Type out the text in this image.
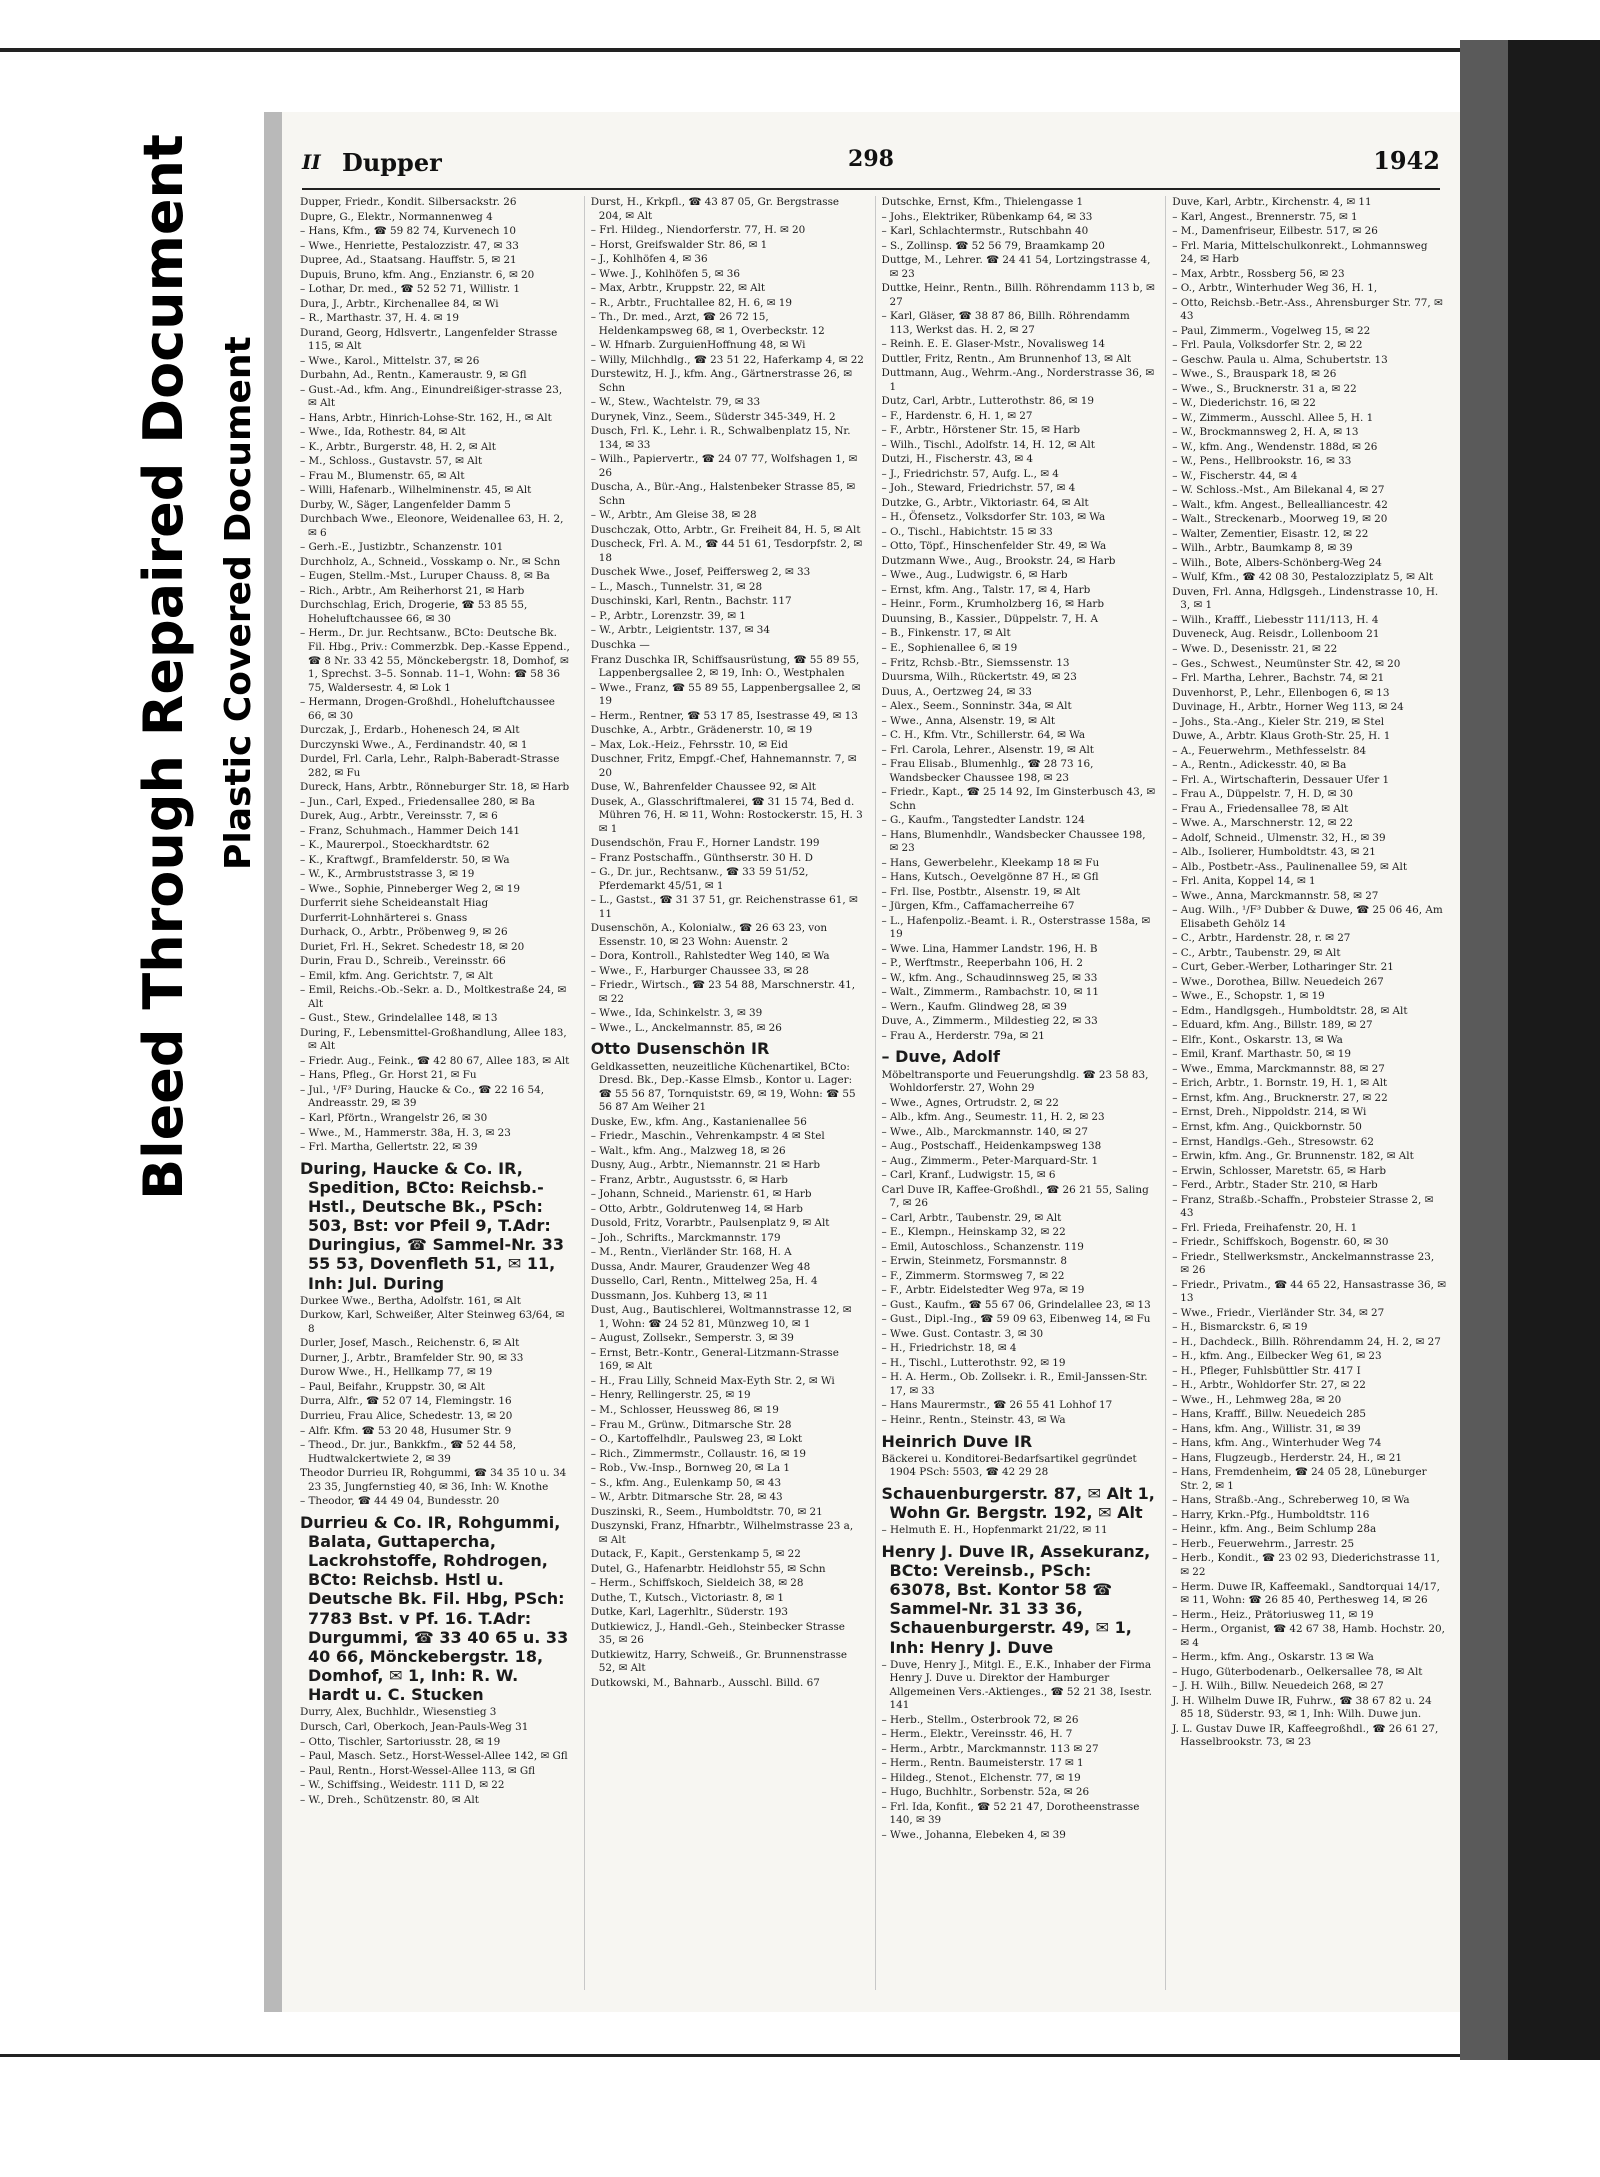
Bleed Through Repaired Document Plastic Covered Document
II Dupper	298	1942
Dupper, Friedr., Kondit. Silbersackstr. 26
Dupre, G., Elektr., Normannenweg 4
– Hans, Kfm., ☎ 59 82 74, Kurvenech 10
– Wwe., Henriette, Pestalozzistr. 47, ✉ 33
Dupree, Ad., Staatsang. Hauffstr. 5, ✉ 21
Dupuis, Bruno, kfm. Ang., Enzianstr. 6, ✉ 20
– Lothar, Dr. med., ☎ 52 52 71, Willistr. 1
Dura, J., Arbtr., Kirchenallee 84, ✉ Wi
– R., Marthastr. 37, H. 4. ✉ 19
Durand, Georg, Hdlsvertr., Langenfelder Strasse 115, ✉ Alt
– Wwe., Karol., Mittelstr. 37, ✉ 26
Durbahn, Ad., Rentn., Kameraustr. 9, ✉ Gfl
– Gust.-Ad., kfm. Ang., Einundreißiger-strasse 23, ✉ Alt
– Hans, Arbtr., Hinrich-Lohse-Str. 162, H., ✉ Alt
– Wwe., Ida, Rothestr. 84, ✉ Alt
– K., Arbtr., Burgerstr. 48, H. 2, ✉ Alt
– M., Schloss., Gustavstr. 57, ✉ Alt
– Frau M., Blumenstr. 65, ✉ Alt
– Willi, Hafenarb., Wilhelminenstr. 45, ✉ Alt
Durby, W., Säger, Langenfelder Damm 5
Durchbach Wwe., Eleonore, Weidenallee 63, H. 2, ✉ 6
– Gerh.-E., Justizbtr., Schanzenstr. 101
Durchholz, A., Schneid., Vosskamp o. Nr., ✉ Schn
– Eugen, Stellm.-Mst., Luruper Chauss. 8, ✉ Ba
– Rich., Arbtr., Am Reiherhorst 21, ✉ Harb
Durchschlag, Erich, Drogerie, ☎ 53 85 55, Hoheluftchaussee 66, ✉ 30
– Herm., Dr. jur. Rechtsanw., BCto: Deutsche Bk. Fil. Hbg., Priv.: Commerzbk. Dep.-Kasse Eppend., ☎ 8 Nr. 33 42 55, Mönckebergstr. 18, Domhof, ✉ 1, Sprechst. 3–5. Sonnab. 11–1, Wohn: ☎ 58 36 75, Waldersestr. 4, ✉ Lok 1
– Hermann, Drogen-Großhdl., Hoheluftchaussee 66, ✉ 30
Durczak, J., Erdarb., Hohenesch 24, ✉ Alt
Durczynski Wwe., A., Ferdinandstr. 40, ✉ 1
Durdel, Frl. Carla, Lehr., Ralph-Baberadt-Strasse 282, ✉ Fu
Dureck, Hans, Arbtr., Rönneburger Str. 18, ✉ Harb
– Jun., Carl, Exped., Friedensallee 280, ✉ Ba
Durek, Aug., Arbtr., Vereinsstr. 7, ✉ 6
– Franz, Schuhmach., Hammer Deich 141
– K., Maurerpol., Stoeckhardtstr. 62
– K., Kraftwgf., Bramfelderstr. 50, ✉ Wa
– W., K., Armbruststrasse 3, ✉ 19
– Wwe., Sophie, Pinneberger Weg 2, ✉ 19
Durferrit siehe Scheideanstalt Hiag
Durferrit-Lohnhärterei s. Gnass
Durhack, O., Arbtr., Pröbenweg 9, ✉ 26
Duriet, Frl. H., Sekret. Schedestr 18, ✉ 20
Durin, Frau D., Schreib., Vereinsstr. 66
– Emil, kfm. Ang. Gerichtstr. 7, ✉ Alt
– Emil, Reichs.-Ob.-Sekr. a. D., Moltkestraße 24, ✉ Alt
– Gust., Stew., Grindelallee 148, ✉ 13
During, F., Lebensmittel-Großhandlung, Allee 183, ✉ Alt
– Friedr. Aug., Feink., ☎ 42 80 67, Allee 183, ✉ Alt
– Hans, Pfleg., Gr. Horst 21, ✉ Fu
– Jul., ¹/F³ During, Haucke & Co., ☎ 22 16 54, Andreasstr. 29, ✉ 39
– Karl, Pförtn., Wrangelstr 26, ✉ 30
– Wwe., M., Hammerstr. 38a, H. 3, ✉ 23
– Frl. Martha, Gellertstr. 22, ✉ 39
During, Haucke & Co. IR, Spedition, BCto: Reichsb.-Hstl., Deutsche Bk., PSch: 503, Bst: vor Pfeil 9, T.Adr: Duringius, ☎ Sammel-Nr. 33 55 53, Dovenfleth 51, ✉ 11, Inh: Jul. During
Durkee Wwe., Bertha, Adolfstr. 161, ✉ Alt
Durkow, Karl, Schweißer, Alter Steinweg 63/64, ✉ 8
Durler, Josef, Masch., Reichenstr. 6, ✉ Alt
Durner, J., Arbtr., Bramfelder Str. 90, ✉ 33
Durow Wwe., H., Hellkamp 77, ✉ 19
– Paul, Beifahr., Kruppstr. 30, ✉ Alt
Durra, Alfr., ☎ 52 07 14, Flemingstr. 16
Durrieu, Frau Alice, Schedestr. 13, ✉ 20
– Alfr. Kfm. ☎ 53 20 48, Husumer Str. 9
– Theod., Dr. jur., Bankkfm., ☎ 52 44 58, Hudtwalckertwiete 2, ✉ 39
Theodor Durrieu IR, Rohgummi, ☎ 34 35 10 u. 34 23 35, Jungfernstieg 40, ✉ 36, Inh: W. Knothe
– Theodor, ☎ 44 49 04, Bundesstr. 20
Durrieu & Co. IR, Rohgummi, Balata, Guttapercha, Lackrohstoffe, Rohdrogen, BCto: Reichsb. Hstl u. Deutsche Bk. Fil. Hbg, PSch: 7783 Bst. v Pf. 16. T.Adr: Durgummi, ☎ 33 40 65 u. 33 40 66, Mönckebergstr. 18, Domhof, ✉ 1, Inh: R. W. Hardt u. C. Stucken
Durry, Alex, Buchhldr., Wiesenstieg 3
Dursch, Carl, Oberkoch, Jean-Pauls-Weg 31
– Otto, Tischler, Sartoriusstr. 28, ✉ 19
– Paul, Masch. Setz., Horst-Wessel-Allee 142, ✉ Gfl
– Paul, Rentn., Horst-Wessel-Allee 113, ✉ Gfl
– W., Schiffsing., Weidestr. 111 D, ✉ 22
– W., Dreh., Schützenstr. 80, ✉ Alt
Durst, H., Krkpfl., ☎ 43 87 05, Gr. Bergstrasse 204, ✉ Alt
– Frl. Hildeg., Niendorferstr. 77, H. ✉ 20
– Horst, Greifswalder Str. 86, ✉ 1
– J., Kohlhöfen 4, ✉ 36
– Wwe. J., Kohlhöfen 5, ✉ 36
– Max, Arbtr., Kruppstr. 22, ✉ Alt
– R., Arbtr., Fruchtallee 82, H. 6, ✉ 19
– Th., Dr. med., Arzt, ☎ 26 72 15, Heldenkampsweg 68, ✉ 1, Overbeckstr. 12
– W. Hfnarb. ZurguienHoffnung 48, ✉ Wi
– Willy, Milchhdlg., ☎ 23 51 22, Haferkamp 4, ✉ 22
Durstewitz, H. J., kfm. Ang., Gärtnerstrasse 26, ✉ Schn
– W., Stew., Wachtelstr. 79, ✉ 33
Durynek, Vinz., Seem., Süderstr 345-349, H. 2
Dusch, Frl. K., Lehr. i. R., Schwalbenplatz 15, Nr. 134, ✉ 33
– Wilh., Papiervertr., ☎ 24 07 77, Wolfshagen 1, ✉ 26
Duscha, A., Bür.-Ang., Halstenbeker Strasse 85, ✉ Schn
– W., Arbtr., Am Gleise 38, ✉ 28
Duschczak, Otto, Arbtr., Gr. Freiheit 84, H. 5, ✉ Alt
Duscheck, Frl. A. M., ☎ 44 51 61, Tesdorpfstr. 2, ✉ 18
Duschek Wwe., Josef, Peiffersweg 2, ✉ 33
– L., Masch., Tunnelstr. 31, ✉ 28
Duschinski, Karl, Rentn., Bachstr. 117
– P., Arbtr., Lorenzstr. 39, ✉ 1
– W., Arbtr., Leigientstr. 137, ✉ 34
Duschka —
Franz Duschka IR, Schiffsausrüstung, ☎ 55 89 55, Lappenbergsallee 2, ✉ 19, Inh: O., Westphalen
– Wwe., Franz, ☎ 55 89 55, Lappenbergsallee 2, ✉ 19
– Herm., Rentner, ☎ 53 17 85, Isestrasse 49, ✉ 13
Duschke, A., Arbtr., Grädenerstr. 10, ✉ 19
– Max, Lok.-Heiz., Fehrsstr. 10, ✉ Eid
Duschner, Fritz, Empgf.-Chef, Hahnemannstr. 7, ✉ 20
Duse, W., Bahrenfelder Chaussee 92, ✉ Alt
Dusek, A., Glasschriftmalerei, ☎ 31 15 74, Bed d. Mühren 76, H. ✉ 11, Wohn: Rostockerstr. 15, H. 3 ✉ 1
Dusendschön, Frau F., Horner Landstr. 199
– Franz Postschaffn., Günthserstr. 30 H. D
– G., Dr. jur., Rechtsanw., ☎ 33 59 51/52, Pferdemarkt 45/51, ✉ 1
– L., Gastst., ☎ 31 37 51, gr. Reichenstrasse 61, ✉ 11
Dusenschön, A., Kolonialw., ☎ 26 63 23, von Essenstr. 10, ✉ 23 Wohn: Auenstr. 2
– Dora, Kontroll., Rahlstedter Weg 140, ✉ Wa
– Wwe., F., Harburger Chaussee 33, ✉ 28
– Friedr., Wirtsch., ☎ 23 54 88, Marschnerstr. 41, ✉ 22
– Wwe., Ida, Schinkelstr. 3, ✉ 39
– Wwe., L., Anckelmannstr. 85, ✉ 26
Otto Dusenschön IR
Geldkassetten, neuzeitliche Küchenartikel, BCto: Dresd. Bk., Dep.-Kasse Elmsb., Kontor u. Lager: ☎ 55 56 87, Tornquiststr. 69, ✉ 19, Wohn: ☎ 55 56 87 Am Weiher 21
Duske, Ew., kfm. Ang., Kastanienallee 56
– Friedr., Maschin., Vehrenkampstr. 4 ✉ Stel
– Walt., kfm. Ang., Malzweg 18, ✉ 26
Dusny, Aug., Arbtr., Niemannstr. 21 ✉ Harb
– Franz, Arbtr., Augustsstr. 6, ✉ Harb
– Johann, Schneid., Marienstr. 61, ✉ Harb
– Otto, Arbtr., Goldrutenweg 14, ✉ Harb
Dusold, Fritz, Vorarbtr., Paulsenplatz 9, ✉ Alt
– Joh., Schrifts., Marckmannstr. 179
– M., Rentn., Vierländer Str. 168, H. A
Dussa, Andr. Maurer, Graudenzer Weg 48
Dussello, Carl, Rentn., Mittelweg 25a, H. 4
Dussmann, Jos. Kuhberg 13, ✉ 11
Dust, Aug., Bautischlerei, Woltmannstrasse 12, ✉ 1, Wohn: ☎ 24 52 81, Münzweg 10, ✉ 1
– August, Zollsekr., Semperstr. 3, ✉ 39
– Ernst, Betr.-Kontr., General-Litzmann-Strasse 169, ✉ Alt
– H., Frau Lilly, Schneid Max-Eyth Str. 2, ✉ Wi
– Henry, Rellingerstr. 25, ✉ 19
– M., Schlosser, Heussweg 86, ✉ 19
– Frau M., Grünw., Ditmarsche Str. 28
– O., Kartoffelhdlr., Paulsweg 23, ✉ Lokt
– Rich., Zimmermstr., Collaustr. 16, ✉ 19
– Rob., Vw.-Insp., Bornweg 20, ✉ La 1
– S., kfm. Ang., Eulenkamp 50, ✉ 43
– W., Arbtr. Ditmarsche Str. 28, ✉ 43
Duszinski, R., Seem., Humboldtstr. 70, ✉ 21
Duszynski, Franz, Hfnarbtr., Wilhelmstrasse 23 a, ✉ Alt
Dutack, F., Kapit., Gerstenkamp 5, ✉ 22
Dutel, G., Hafenarbtr. Heidlohstr 55, ✉ Schn
– Herm., Schiffskoch, Sieldeich 38, ✉ 28
Duthe, T., Kutsch., Victoriastr. 8, ✉ 1
Dutke, Karl, Lagerhltr., Süderstr. 193
Dutkiewicz, J., Handl.-Geh., Steinbecker Strasse 35, ✉ 26
Dutkiewitz, Harry, Schweiß., Gr. Brunnenstrasse 52, ✉ Alt
Dutkowski, M., Bahnarb., Ausschl. Billd. 67
Dutschke, Ernst, Kfm., Thielengasse 1
– Johs., Elektriker, Rübenkamp 64, ✉ 33
– Karl, Schlachtermstr., Rutschbahn 40
– S., Zollinsp. ☎ 52 56 79, Braamkamp 20
Duttge, M., Lehrer. ☎ 24 41 54, Lortzingstrasse 4, ✉ 23
Duttke, Heinr., Rentn., Billh. Röhrendamm 113 b, ✉ 27
– Karl, Gläser, ☎ 38 87 86, Billh. Röhrendamm 113, Werkst das. H. 2, ✉ 27
– Reinh. E. E. Glaser-Mstr., Novalisweg 14
Duttler, Fritz, Rentn., Am Brunnenhof 13, ✉ Alt
Duttmann, Aug., Wehrm.-Ang., Norderstrasse 36, ✉ 1
Dutz, Carl, Arbtr., Lutterothstr. 86, ✉ 19
– F., Hardenstr. 6, H. 1, ✉ 27
– F., Arbtr., Hörstener Str. 15, ✉ Harb
– Wilh., Tischl., Adolfstr. 14, H. 12, ✉ Alt
Dutzi, H., Fischerstr. 43, ✉ 4
– J., Friedrichstr. 57, Aufg. L., ✉ 4
– Joh., Steward, Friedrichstr. 57, ✉ 4
Dutzke, G., Arbtr., Viktoriastr. 64, ✉ Alt
– H., Öfensetz., Volksdorfer Str. 103, ✉ Wa
– O., Tischl., Habichtstr. 15 ✉ 33
– Otto, Töpf., Hinschenfelder Str. 49, ✉ Wa
Dutzmann Wwe., Aug., Brookstr. 24, ✉ Harb
– Wwe., Aug., Ludwigstr. 6, ✉ Harb
– Ernst, kfm. Ang., Talstr. 17, ✉ 4, Harb
– Heinr., Form., Krumholzberg 16, ✉ Harb
Duunsing, B., Kassier., Düppelstr. 7, H. A
– B., Finkenstr. 17, ✉ Alt
– E., Sophienallee 6, ✉ 19
– Fritz, Rchsb.-Btr., Siemssenstr. 13
Duursma, Wilh., Rückertstr. 49, ✉ 23
Duus, A., Oertzweg 24, ✉ 33
– Alex., Seem., Sonninstr. 34a, ✉ Alt
– Wwe., Anna, Alsenstr. 19, ✉ Alt
– C. H., Kfm. Vtr., Schillerstr. 64, ✉ Wa
– Frl. Carola, Lehrer., Alsenstr. 19, ✉ Alt
– Frau Elisab., Blumenhlg., ☎ 28 73 16, Wandsbecker Chaussee 198, ✉ 23
– Friedr., Kapt., ☎ 25 14 92, Im Ginsterbusch 43, ✉ Schn
– G., Kaufm., Tangstedter Landstr. 124
– Hans, Blumenhdlr., Wandsbecker Chaussee 198, ✉ 23
– Hans, Gewerbelehr., Kleekamp 18 ✉ Fu
– Hans, Kutsch., Oevelgönne 87 H., ✉ Gfl
– Frl. Ilse, Postbtr., Alsenstr. 19, ✉ Alt
– Jürgen, Kfm., Caffamacherreihe 67
– L., Hafenpoliz.-Beamt. i. R., Osterstrasse 158a, ✉ 19
– Wwe. Lina, Hammer Landstr. 196, H. B
– P., Werftmstr., Reeperbahn 106, H. 2
– W., kfm. Ang., Schaudinnsweg 25, ✉ 33
– Walt., Zimmerm., Rambachstr. 10, ✉ 11
– Wern., Kaufm. Glindweg 28, ✉ 39
Duve, A., Zimmerm., Mildestieg 22, ✉ 33
– Frau A., Herderstr. 79a, ✉ 21
– Duve, Adolf
Möbeltransporte und Feuerungshdlg. ☎ 23 58 83, Wohldorferstr. 27, Wohn 29
– Wwe., Agnes, Ortrudstr. 2, ✉ 22
– Alb., kfm. Ang., Seumestr. 11, H. 2, ✉ 23
– Wwe., Alb., Marckmannstr. 140, ✉ 27
– Aug., Postschaff., Heidenkampsweg 138
– Aug., Zimmerm., Peter-Marquard-Str. 1
– Carl, Kranf., Ludwigstr. 15, ✉ 6
Carl Duve IR, Kaffee-Großhdl., ☎ 26 21 55, Saling 7, ✉ 26
– Carl, Arbtr., Taubenstr. 29, ✉ Alt
– E., Klempn., Heinskamp 32, ✉ 22
– Emil, Autoschloss., Schanzenstr. 119
– Erwin, Steinmetz, Forsmannstr. 8
– F., Zimmerm. Stormsweg 7, ✉ 22
– F., Arbtr. Eidelstedter Weg 97a, ✉ 19
– Gust., Kaufm., ☎ 55 67 06, Grindelallee 23, ✉ 13
– Gust., Dipl.-Ing., ☎ 59 09 63, Eibenweg 14, ✉ Fu
– Wwe. Gust. Contastr. 3, ✉ 30
– H., Friedrichstr. 18, ✉ 4
– H., Tischl., Lutterothstr. 92, ✉ 19
– H. A. Herm., Ob. Zollsekr. i. R., Emil-Janssen-Str. 17, ✉ 33
– Hans Maurermstr., ☎ 26 55 41 Lohhof 17
– Heinr., Rentn., Steinstr. 43, ✉ Wa
Heinrich Duve IR
Bäckerei u. Konditorei-Bedarfsartikel gegründet 1904 PSch: 5503, ☎ 42 29 28
Schauenburgerstr. 87, ✉ Alt 1, Wohn Gr. Bergstr. 192, ✉ Alt
– Helmuth E. H., Hopfenmarkt 21/22, ✉ 11
Henry J. Duve IR, Assekuranz, BCto: Vereinsb., PSch: 63078, Bst. Kontor 58 ☎ Sammel-Nr. 31 33 36, Schauenburgerstr. 49, ✉ 1, Inh: Henry J. Duve
– Duve, Henry J., Mitgl. E., E.K., Inhaber der Firma Henry J. Duve u. Direktor der Hamburger Allgemeinen Vers.-Aktienges., ☎ 52 21 38, Isestr. 141
– Herb., Stellm., Osterbrook 72, ✉ 26
– Herm., Elektr., Vereinsstr. 46, H. 7
– Herm., Arbtr., Marckmannstr. 113 ✉ 27
– Herm., Rentn. Baumeisterstr. 17 ✉ 1
– Hildeg., Stenot., Elchenstr. 77, ✉ 19
– Hugo, Buchhltr., Sorbenstr. 52a, ✉ 26
– Frl. Ida, Konfit., ☎ 52 21 47, Dorotheenstrasse 140, ✉ 39
– Wwe., Johanna, Elebeken 4, ✉ 39
Duve, Karl, Arbtr., Kirchenstr. 4, ✉ 11
– Karl, Angest., Brennerstr. 75, ✉ 1
– M., Damenfriseur, Eilbestr. 517, ✉ 26
– Frl. Maria, Mittelschulkonrekt., Lohmannsweg 24, ✉ Harb
– Max, Arbtr., Rossberg 56, ✉ 23
– O., Arbtr., Winterhuder Weg 36, H. 1,
– Otto, Reichsb.-Betr.-Ass., Ahrensburger Str. 77, ✉ 43
– Paul, Zimmerm., Vogelweg 15, ✉ 22
– Frl. Paula, Volksdorfer Str. 2, ✉ 22
– Geschw. Paula u. Alma, Schubertstr. 13
– Wwe., S., Brauspark 18, ✉ 26
– Wwe., S., Brucknerstr. 31 a, ✉ 22
– W., Diederichstr. 16, ✉ 22
– W., Zimmerm., Ausschl. Allee 5, H. 1
– W., Brockmannsweg 2, H. A, ✉ 13
– W., kfm. Ang., Wendenstr. 188d, ✉ 26
– W., Pens., Hellbrookstr. 16, ✉ 33
– W., Fischerstr. 44, ✉ 4
– W. Schloss.-Mst., Am Bilekanal 4, ✉ 27
– Walt., kfm. Angest., Bellealliancestr. 42
– Walt., Streckenarb., Moorweg 19, ✉ 20
– Walter, Zementier, Eisastr. 12, ✉ 22
– Wilh., Arbtr., Baumkamp 8, ✉ 39
– Wilh., Bote, Albers-Schönberg-Weg 24
– Wulf, Kfm., ☎ 42 08 30, Pestalozziplatz 5, ✉ Alt
Duven, Frl. Anna, Hdlgsgeh., Lindenstrasse 10, H. 3, ✉ 1
– Wilh., Krafff., Liebesstr 111/113, H. 4
Duveneck, Aug. Reisdr., Lollenboom 21
– Wwe. D., Desenisstr. 21, ✉ 22
– Ges., Schwest., Neumünster Str. 42, ✉ 20
– Frl. Martha, Lehrer., Bachstr. 74, ✉ 21
Duvenhorst, P., Lehr., Ellenbogen 6, ✉ 13
Duvinage, H., Arbtr., Horner Weg 113, ✉ 24
– Johs., Sta.-Ang., Kieler Str. 219, ✉ Stel
Duwe, A., Arbtr. Klaus Groth-Str. 25, H. 1
– A., Feuerwehrm., Methfesselstr. 84
– A., Rentn., Adickesstr. 40, ✉ Ba
– Frl. A., Wirtschafterin, Dessauer Ufer 1
– Frau A., Düppelstr. 7, H. D, ✉ 30
– Frau A., Friedensallee 78, ✉ Alt
– Wwe. A., Marschnerstr. 12, ✉ 22
– Adolf, Schneid., Ulmenstr. 32, H., ✉ 39
– Alb., Isolierer, Humboldtstr. 43, ✉ 21
– Alb., Postbetr.-Ass., Paulinenallee 59, ✉ Alt
– Frl. Anita, Koppel 14, ✉ 1
– Wwe., Anna, Marckmannstr. 58, ✉ 27
– Aug. Wilh., ¹/F³ Dubber & Duwe, ☎ 25 06 46, Am Elisabeth Gehölz 14
– C., Arbtr., Hardenstr. 28, r. ✉ 27
– C., Arbtr., Taubenstr. 29, ✉ Alt
– Curt, Geber.-Werber, Lotharinger Str. 21
– Wwe., Dorothea, Billw. Neuedeich 267
– Wwe., E., Schopstr. 1, ✉ 19
– Edm., Handlgsgeh., Humboldtstr. 28, ✉ Alt
– Eduard, kfm. Ang., Billstr. 189, ✉ 27
– Elfr., Kont., Oskarstr. 13, ✉ Wa
– Emil, Kranf. Marthastr. 50, ✉ 19
– Wwe., Emma, Marckmannstr. 88, ✉ 27
– Erich, Arbtr., 1. Bornstr. 19, H. 1, ✉ Alt
– Ernst, kfm. Ang., Brucknerstr. 27, ✉ 22
– Ernst, Dreh., Nippoldstr. 214, ✉ Wi
– Ernst, kfm. Ang., Quickbornstr. 50
– Ernst, Handlgs.-Geh., Stresowstr. 62
– Erwin, kfm. Ang., Gr. Brunnenstr. 182, ✉ Alt
– Erwin, Schlosser, Maretstr. 65, ✉ Harb
– Ferd., Arbtr., Stader Str. 210, ✉ Harb
– Franz, Straßb.-Schaffn., Probsteier Strasse 2, ✉ 43
– Frl. Frieda, Freihafenstr. 20, H. 1
– Friedr., Schiffskoch, Bogenstr. 60, ✉ 30
– Friedr., Stellwerksmstr., Anckelmannstrasse 23, ✉ 26
– Friedr., Privatm., ☎ 44 65 22, Hansastrasse 36, ✉ 13
– Wwe., Friedr., Vierländer Str. 34, ✉ 27
– H., Bismarckstr. 6, ✉ 19
– H., Dachdeck., Billh. Röhrendamm 24, H. 2, ✉ 27
– H., kfm. Ang., Eilbecker Weg 61, ✉ 23
– H., Pfleger, Fuhlsbüttler Str. 417 I
– H., Arbtr., Wohldorfer Str. 27, ✉ 22
– Wwe., H., Lehmweg 28a, ✉ 20
– Hans, Krafff., Billw. Neuedeich 285
– Hans, kfm. Ang., Willistr. 31, ✉ 39
– Hans, kfm. Ang., Winterhuder Weg 74
– Hans, Flugzeugb., Herderstr. 24, H., ✉ 21
– Hans, Fremdenheim, ☎ 24 05 28, Lüneburger Str. 2, ✉ 1
– Hans, Straßb.-Ang., Schreberweg 10, ✉ Wa
– Harry, Krkn.-Pfg., Humboldtstr. 116
– Heinr., kfm. Ang., Beim Schlump 28a
– Herb., Feuerwehrm., Jarrestr. 25
– Herb., Kondit., ☎ 23 02 93, Diederichstrasse 11, ✉ 22
– Herm. Duwe IR, Kaffeemakl., Sandtorquai 14/17, ✉ 11, Wohn: ☎ 26 85 40, Perthesweg 14, ✉ 26
– Herm., Heiz., Prätoriusweg 11, ✉ 19
– Herm., Organist, ☎ 42 67 38, Hamb. Hochstr. 20, ✉ 4
– Herm., kfm. Ang., Oskarstr. 13 ✉ Wa
– Hugo, Güterbodenarb., Oelkersallee 78, ✉ Alt
– J. H. Wilh., Billw. Neuedeich 268, ✉ 27
J. H. Wilhelm Duwe IR, Fuhrw., ☎ 38 67 82 u. 24 85 18, Süderstr. 93, ✉ 1, Inh: Wilh. Duwe jun.
J. L. Gustav Duwe IR, Kaffeegroßhdl., ☎ 26 61 27, Hasselbrookstr. 73, ✉ 23
